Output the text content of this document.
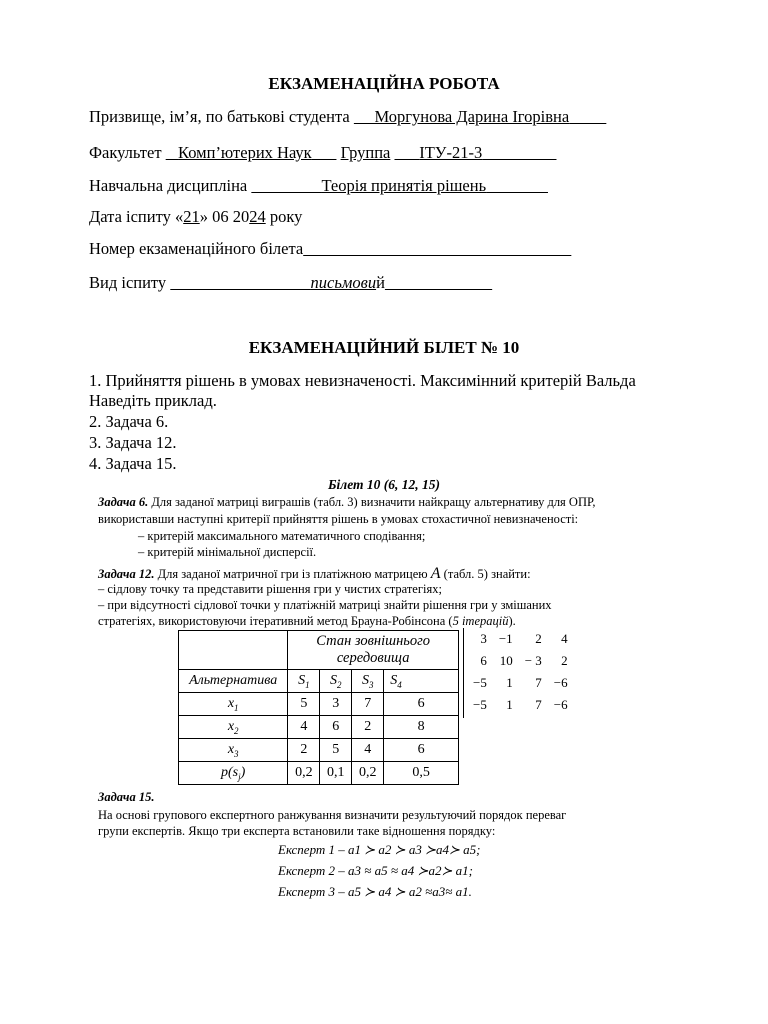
ЕКЗАМЕНАЦІЙНА РОБОТА
Призвище, ім’я, по батькові студента Моргунова Дарина Ігорівна
Факультет Комп’ютерих Наук Группа ІТУ-21-3
Навчальна дисципліна	Теорія принятія рішень
Дата іспиту «21» 06 2024 року
Номер екзаменаційного білета
Вид іспиту	письмовий
ЕКЗАМЕНАЦІЙНИЙ БІЛЕТ № 10
1. Прийняття рішень в умовах невизначеності. Максимінний критерій Вальда
Наведіть приклад.
2. Задача 6.
3. Задача 12.
4. Задача 15.
Білет 10 (6, 12, 15)
Задача 6. Для заданої матриці виграшів (табл. 3) визначити найкращу альтернативу для ОПР,
використавши наступні критерії прийняття рішень в умовах стохастичної невизначеності:
– критерій максимального математичного сподівання;
– критерій мінімальної дисперсії.
Задача 12. Для заданої матричної гри із платіжною матрицею A (табл. 5) знайти:
– сідлову точку та представити рішення гри у чистих стратегіях;
– при відсутності сідлової точки у платіжній матриці знайти рішення гри у змішаних
стратегіях, використовуючи ітеративний метод Брауна-Робінсона (5 ітерацій).
	Стан зовнішнього
середовища			
Альтернатива	$S_1$	$S_2$	$S_3$	$S_4$
$x_1$	5	3	7	6
$x_2$	4	6	2	8
$x_3$	2	5	4	6
$p(s_j)$	0,2	0,1	0,2	0,5
3	−1	2	4
6	10	− 3	2
−5	1	7	−6
−5	1	7	−6
Задача 15.
На основі групового експертного ранжування визначити результуючий порядок переваг
групи експертів. Якщо три експерта встановили таке відношення порядку:
Експерт 1 – a1 ≻ a2 ≻ a3 ≻a4≻ a5;
Експерт 2 – a3 ≈ a5 ≈ a4 ≻a2≻ a1;
Експерт 3 – a5 ≻ a4 ≻ a2 ≈a3≈ a1.
